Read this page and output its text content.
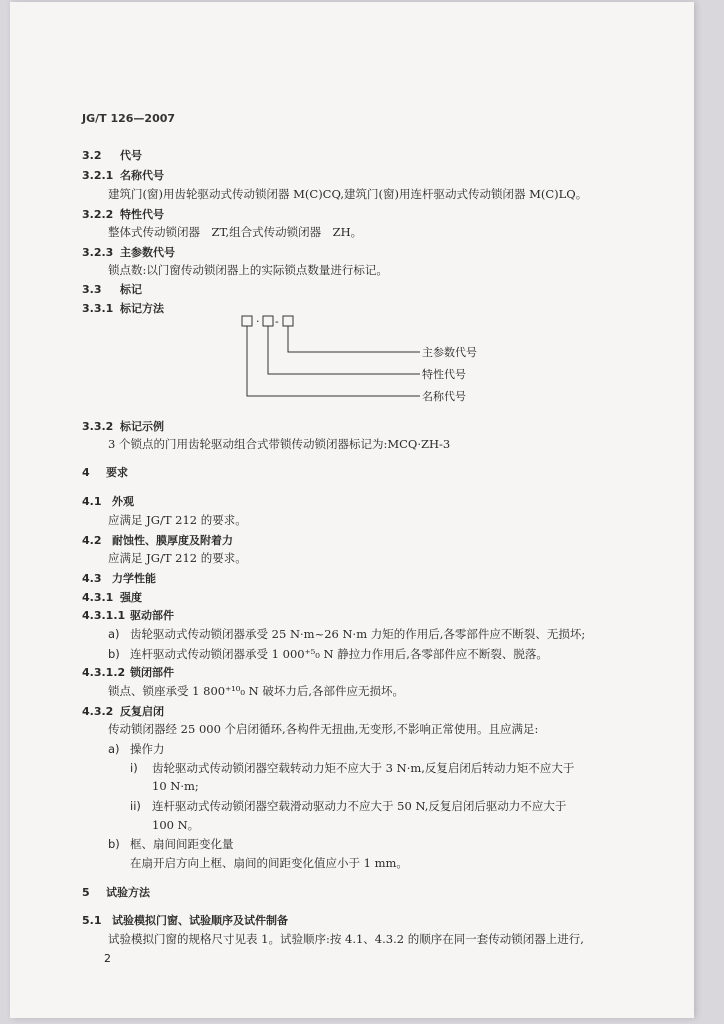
JG/T 126—2007
3.2 代号
3.2.1 名称代号
建筑门(窗)用齿轮驱动式传动锁闭器 M(C)CQ,建筑门(窗)用连杆驱动式传动锁闭器 M(C)LQ。
3.2.2 特性代号
整体式传动锁闭器　ZT,组合式传动锁闭器　ZH。
3.2.3 主参数代号
锁点数:以门窗传动锁闭器上的实际锁点数量进行标记。
3.3 标记
3.3.1 标记方法
· -
主参数代号
特性代号
名称代号
3.3.2 标记示例
3 个锁点的门用齿轮驱动组合式带锁传动锁闭器标记为:MCQ·ZH-3
4 要求
4.1 外观
应满足 JG/T 212 的要求。
4.2 耐蚀性、膜厚度及附着力
应满足 JG/T 212 的要求。
4.3 力学性能
4.3.1 强度
4.3.1.1 驱动部件
a) 齿轮驱动式传动锁闭器承受 25 N·m~26 N·m 力矩的作用后,各零部件应不断裂、无损坏;
b) 连杆驱动式传动锁闭器承受 1 000⁺⁵₀ N 静拉力作用后,各零部件应不断裂、脱落。
4.3.1.2 锁闭部件
锁点、锁座承受 1 800⁺¹⁰₀ N 破坏力后,各部件应无损坏。
4.3.2 反复启闭
传动锁闭器经 25 000 个启闭循环,各构件无扭曲,无变形,不影响正常使用。且应满足:
a) 操作力
i) 齿轮驱动式传动锁闭器空载转动力矩不应大于 3 N·m,反复启闭后转动力矩不应大于
10 N·m;
ii) 连杆驱动式传动锁闭器空载滑动驱动力不应大于 50 N,反复启闭后驱动力不应大于
100 N。
b) 框、扇间间距变化量
在扇开启方向上框、扇间的间距变化值应小于 1 mm。
5 试验方法
5.1 试验模拟门窗、试验顺序及试件制备
试验模拟门窗的规格尺寸见表 1。试验顺序:按 4.1、4.3.2 的顺序在同一套传动锁闭器上进行,
2
